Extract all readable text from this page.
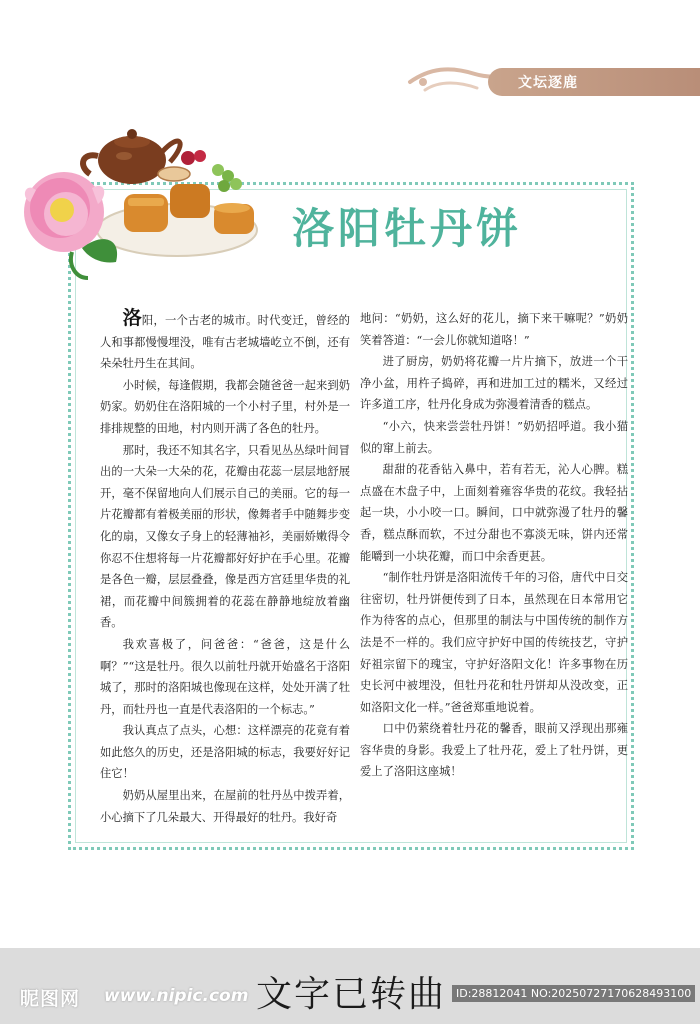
文坛逐鹿
洛阳牡丹饼

洛阳，一个古老的城市。时代变迁，曾经的人和事都慢慢埋没，唯有古老城墙屹立不倒，还有朵朵牡丹生在其间。

小时候，每逢假期，我都会随爸爸一起来到奶奶家。奶奶住在洛阳城的一个小村子里，村外是一排排规整的田地，村内则开满了各色的牡丹。

那时，我还不知其名字，只看见丛丛绿叶间冒出的一大朵一大朵的花，花瓣由花蕊一层层地舒展开，毫不保留地向人们展示自己的美丽。它的每一片花瓣都有着极美丽的形状，像舞者手中随舞步变化的扇，又像女子身上的轻薄袖衫，美丽娇嫩得令你忍不住想将每一片花瓣都好好护在手心里。花瓣是各色一瓣，层层叠叠，像是西方宫廷里华贵的礼裙，而花瓣中间簇拥着的花蕊在静静地绽放着幽香。

我欢喜极了，问爸爸：“爸爸，这是什么啊？”“这是牡丹。很久以前牡丹就开始盛名于洛阳城了，那时的洛阳城也像现在这样，处处开满了牡丹，而牡丹也一直是代表洛阳的一个标志。”

我认真点了点头，心想：这样漂亮的花竟有着如此悠久的历史，还是洛阳城的标志，我要好好记住它！

奶奶从屋里出来，在屋前的牡丹丛中拨弄着，小心摘下了几朵最大、开得最好的牡丹。我好奇

地问：“奶奶，这么好的花儿，摘下来干嘛呢？”奶奶笑着答道：“一会儿你就知道咯！”

进了厨房，奶奶将花瓣一片片摘下，放进一个干净小盆，用杵子捣碎，再和进加工过的糯米，又经过许多道工序，牡丹化身成为弥漫着清香的糕点。

“小六，快来尝尝牡丹饼！”奶奶招呼道。我小猫似的窜上前去。

甜甜的花香钻入鼻中，若有若无，沁人心脾。糕点盛在木盘子中，上面刻着雍容华贵的花纹。我轻拈起一块，小小咬一口。瞬间，口中就弥漫了牡丹的馨香，糕点酥而软，不过分甜也不寡淡无味，饼内还常能嚼到一小块花瓣，而口中余香更甚。

“制作牡丹饼是洛阳流传千年的习俗，唐代中日交往密切，牡丹饼便传到了日本，虽然现在日本常用它作为待客的点心，但那里的制法与中国传统的制作方法是不一样的。我们应守护好中国的传统技艺，守护好祖宗留下的瑰宝，守护好洛阳文化！许多事物在历史长河中被埋没，但牡丹花和牡丹饼却从没改变，正如洛阳文化一样。”爸爸郑重地说着。

口中仍萦绕着牡丹花的馨香，眼前又浮现出那雍容华贵的身影。我爱上了牡丹花，爱上了牡丹饼，更爱上了洛阳这座城！

昵图网 www.nipic.com 文字已转曲 ID:28812041 NO:20250727170628493100
